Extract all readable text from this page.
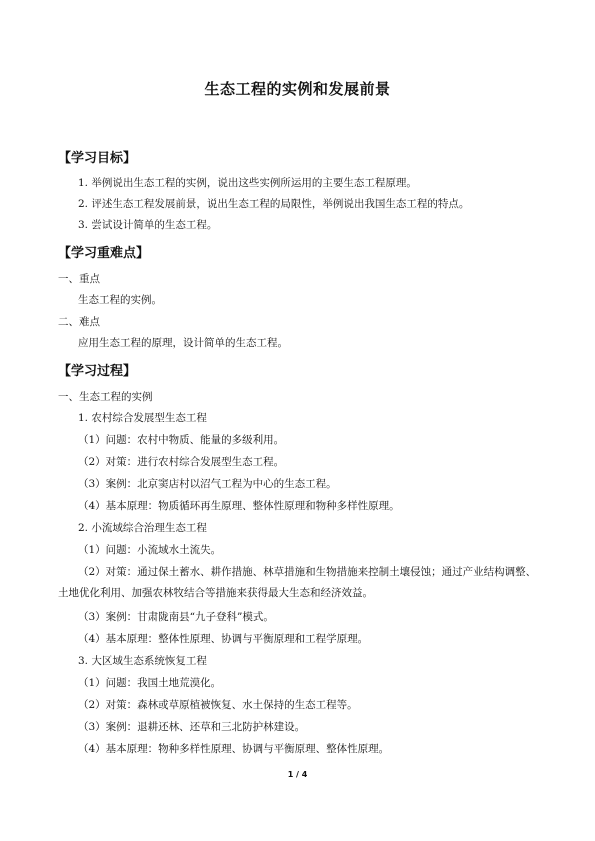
生态工程的实例和发展前景
【学习目标】
1. 举例说出生态工程的实例，说出这些实例所运用的主要生态工程原理。
2. 评述生态工程发展前景，说出生态工程的局限性，举例说出我国生态工程的特点。
3. 尝试设计简单的生态工程。
【学习重难点】
一、重点
生态工程的实例。
二、难点
应用生态工程的原理，设计简单的生态工程。
【学习过程】
一、生态工程的实例
1. 农村综合发展型生态工程
（1）问题：农村中物质、能量的多级利用。
（2）对策：进行农村综合发展型生态工程。
（3）案例：北京窦店村以沼气工程为中心的生态工程。
（4）基本原理：物质循环再生原理、整体性原理和物种多样性原理。
2. 小流域综合治理生态工程
（1）问题：小流域水土流失。
（2）对策：通过保土蓄水、耕作措施、林草措施和生物措施来控制土壤侵蚀；通过产业结构调整、土地优化利用、加强农林牧结合等措施来获得最大生态和经济效益。
（3）案例：甘肃陇南县“九子登科”模式。
（4）基本原理：整体性原理、协调与平衡原理和工程学原理。
3. 大区域生态系统恢复工程
（1）问题：我国土地荒漠化。
（2）对策：森林或草原植被恢复、水土保持的生态工程等。
（3）案例：退耕还林、还草和三北防护林建设。
（4）基本原理：物种多样性原理、协调与平衡原理、整体性原理。
1 / 4
